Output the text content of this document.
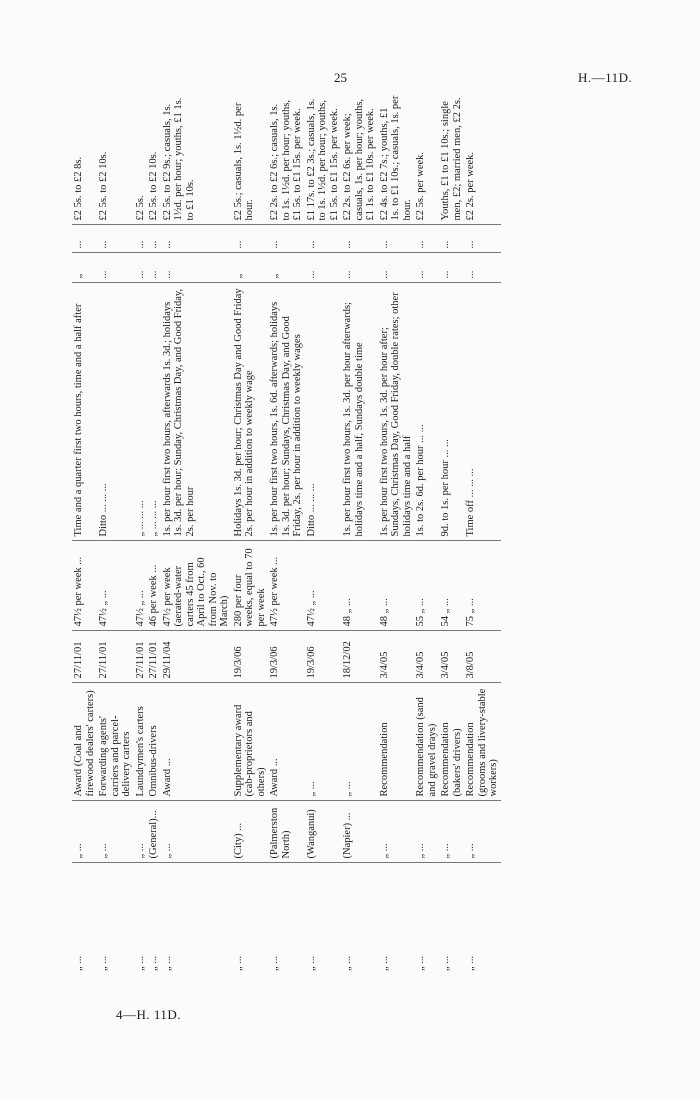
25	H.—11D.
„ ...	„ ...	Award (Coal and firewood dealers' carters)	27/11/01	47½ per week ...	Time and a quarter first two hours, time and a half after	„	...	£2 5s. to £2 8s.
„ ...	„ ...	Forwarding agents' carriers and parcel-delivery carters	27/11/01	47½ „ ...	Ditto ... ... ...	...	...	£2 5s. to £2 10s.
„ ...	„ ...	Laundrymen's carters	27/11/01	47½ „ ...	„ ... ... ...	...	...	£2 5s.
„ ...	(General)...	Omnibus-drivers	27/11/01	46 per week ...	„ ... ... ...	...	...	£2 5s. to £2 10s.
„ ...	„ ...	Award ...	29/11/04	47½ per week (aerated-water carters 45 from April to Oct., 60 from Nov. to March)	1s. per hour first two hours, afterwards 1s. 3d.; holidays 1s. 3d. per hour; Sunday, Christmas Day, and Good Friday, 2s. per hour	...	...	£2 5s. to £2 9s.; casuals, 1s. 1½d. per hour; youths, £1 1s. to £1 10s.
„ ...	(City) ...	Supplementary award (cab-proprietors and others)	19/3/06	280 per four weeks, equal to 70 per week	Holidays 1s. 3d. per hour; Christmas Day and Good Friday 2s. per hour in addition to weekly wage	„	...	£2 5s.; casuals, 1s. 1½d. per hour.
„ ...	(Palmerston North)	Award ...	19/3/06	47½ per week ...	1s. per hour first two hours, 1s. 6d. afterwards; holidays 1s. 3d. per hour; Sundays, Christmas Day, and Good Friday, 2s. per hour in addition to weekly wages	„	...	£2 2s. to £2 6s.; casuals, 1s. to 1s. 1½d. per hour; youths, £1 5s. to £1 15s. per week.
„ ...	(Wanganui)	„ ...	19/3/06	47½ „ ...	Ditto ... ... ...	...	...	£1 17s. to £2 3s.; casuals, 1s. to 1s. 1½d. per hour; youths, £1 5s. to £1 15s. per week.
„ ...	(Napier) ...	„ ...	18/12/02	48 „ ...	1s. per hour first two hours, 1s. 3d. per hour afterwards; holidays time and a half, Sundays double time	...	...	£2 2s. to £2 6s. per week; casuals, 1s. per hour; youths, £1 1s. to £1 10s. per week.
„ ...	„ ...	Recommendation	3/4/05	48 „ ...	1s. per hour first two hours, 1s. 3d. per hour after; Sundays, Christmas Day, Good Friday, double rates; other holidays time and a half	...	...	£2 4s. to £2 7s.; youths, £1 1s. to £1 10s.; casuals, 1s. per hour.
„ ...	„ ...	Recommendation (sand and gravel drays)	3/4/05	55 „ ...	1s. to 2s. 6d. per hour ... ...	...	...	£2 5s. per week.
„ ...	„ ...	Recommendation (bakers' drivers)	3/4/05	54 „ ...	9d. to 1s. per hour ... ...	...	...	Youths, £1 to £1 10s.; single men, £2; married men, £2 2s.
„ ...	„ ...	Recommendation (grooms and livery-stable workers)	3/8/05	75 „ ...	Time off ... ... ...	...	...	£2 2s. per week.
4—H. 11D.
